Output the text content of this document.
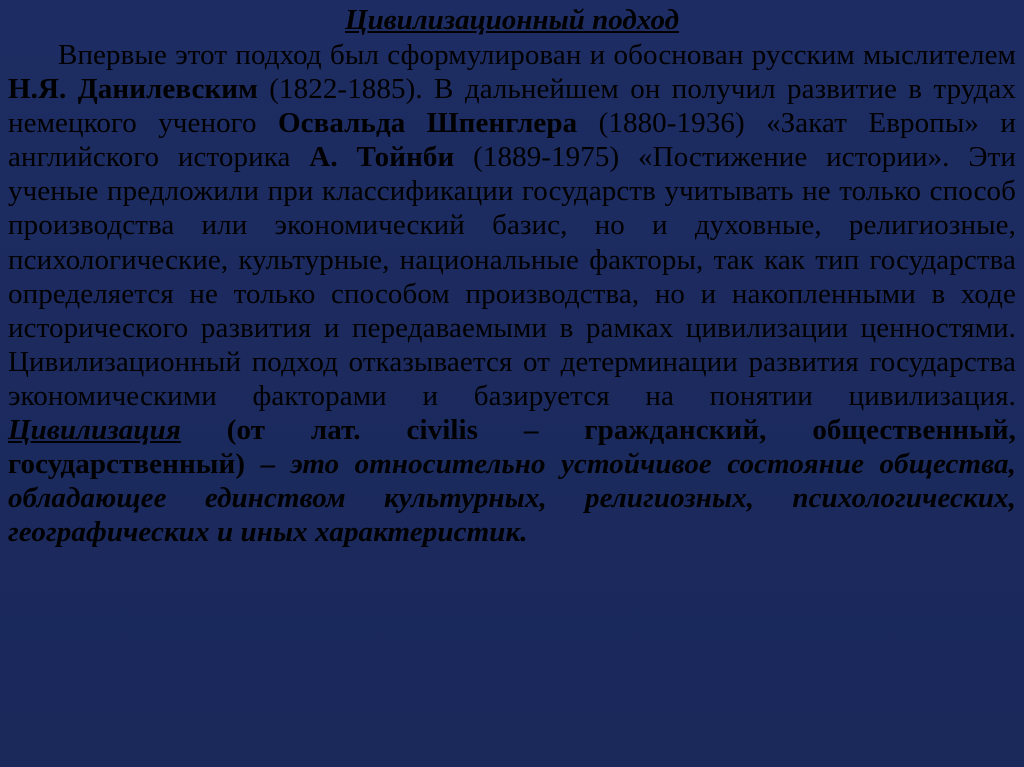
Цивилизационный подход

Впервые этот подход был сформулирован и обоснован русским мыслителем Н.Я. Данилевским (1822-1885). В дальнейшем он получил развитие в трудах немецкого ученого Освальда Шпенглера (1880-1936) «Закат Европы» и английского историка А. Тойнби (1889-1975) «Постижение истории». Эти ученые предложили при классификации государств учитывать не только способ производства или экономический базис, но и духовные, религиозные, психологические, культурные, национальные факторы, так как тип государства определяется не только способом производства, но и накопленными в ходе исторического развития и передаваемыми в рамках цивилизации ценностями. Цивилизационный подход отказывается от детерминации развития государства экономическими факторами и базируется на понятии цивилизация. Цивилизация (от лат. civilis – гражданский, общественный, государственный) – это относительно устойчивое состояние общества, обладающее единством культурных, религиозных, психологических, географических и иных характеристик.
